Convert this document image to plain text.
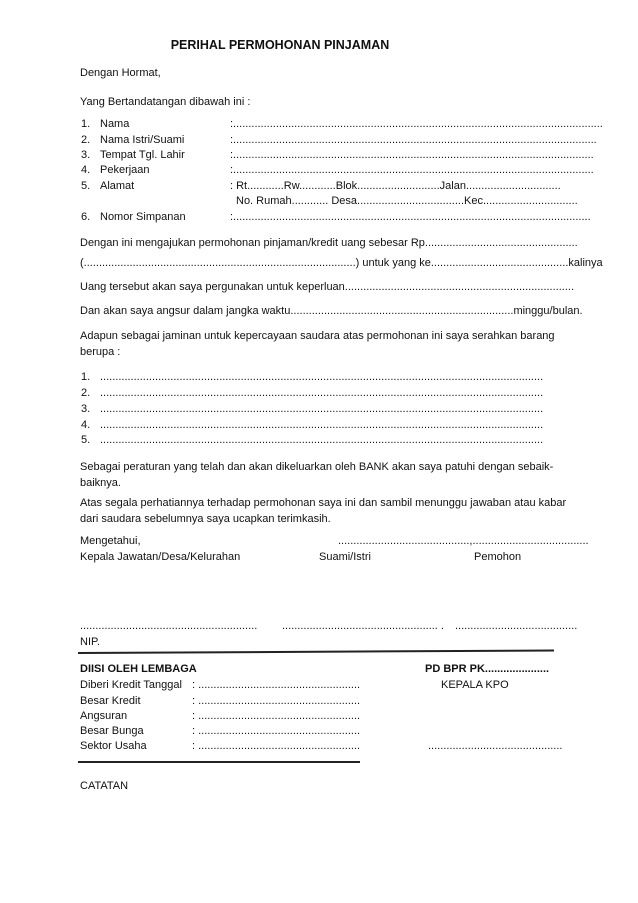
PERIHAL PERMOHONAN PINJAMAN
Dengan Hormat,
Yang Bertandatangan dibawah ini :
1. Nama	:.........................................................................................................................
2. Nama Istri/Suami	:.......................................................................................................................
3. Tempat Tgl. Lahir	:......................................................................................................................
4. Pekerjaan	:......................................................................................................................
5. Alamat	: Rt............Rw............Blok...........................Jalan...............................
No. Rumah............ Desa...................................Kec...............................
6. Nomor Simpanan	:.....................................................................................................................
Dengan ini mengajukan permohonan pinjaman/kredit uang sebesar Rp..................................................
(.........................................................................................) untuk yang ke.............................................kalinya
Uang tersebut akan saya pergunakan untuk keperluan...........................................................................
Dan akan saya angsur dalam jangka waktu.........................................................................minggu/bulan.
Adapun sebagai jaminan untuk kepercayaan saudara atas permohonan ini saya serahkan barang
berupa :
1. .................................................................................................................................................
2. .................................................................................................................................................
3. .................................................................................................................................................
4. .................................................................................................................................................
5. .................................................................................................................................................
Sebagai peraturan yang telah dan akan dikeluarkan oleh BANK akan saya patuhi dengan sebaik-
baiknya.
Atas segala perhatiannya terhadap permohonan saya ini dan sambil menunggu jawaban atau kabar
dari saudara sebelumnya saya ucapkan terimkasih.
Mengetahui,	...........................................,......................................
Kepala Jawatan/Desa/Kelurahan	Suami/Istri	Pemohon
.......................................................... ................................................... . ........................................
NIP.
DIISI OLEH LEMBAGA	PD BPR PK.....................
KEPALA KPO
Diberi Kredit Tanggal : .....................................................
Besar Kredit	: .....................................................
Angsuran	: .....................................................
Besar Bunga	: .....................................................
Sektor Usaha	: .....................................................	............................................
CATATAN
